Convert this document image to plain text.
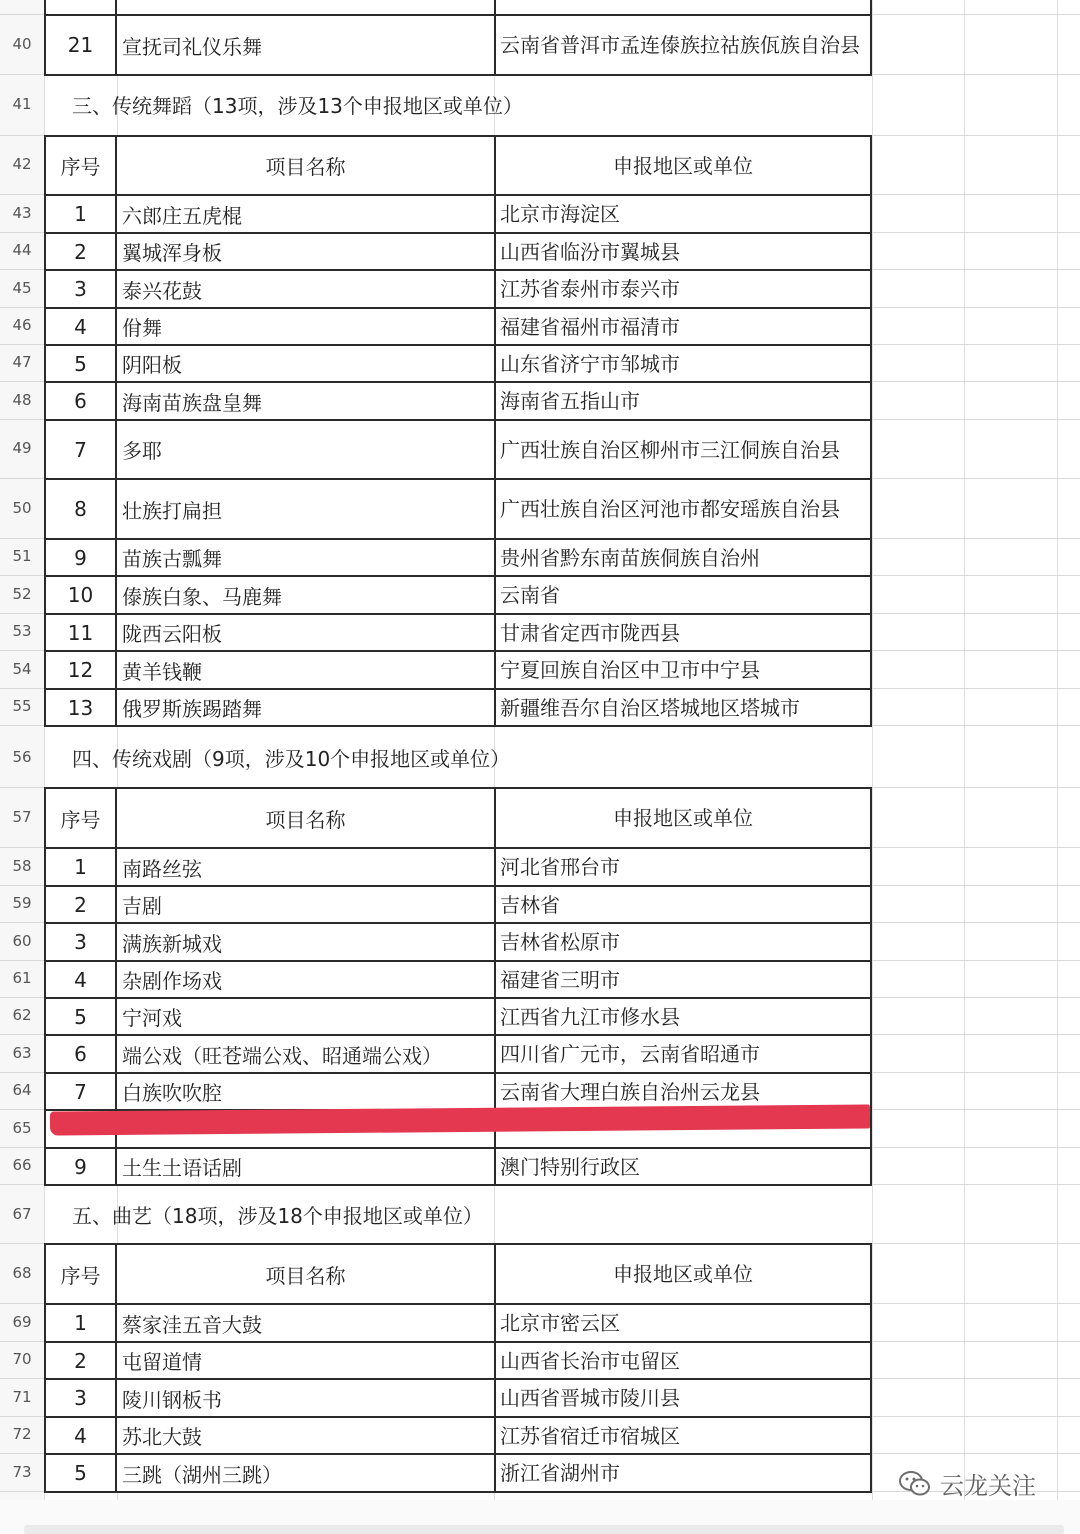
21 宣抚司礼仪乐舞	云南省普洱市孟连傣族拉祜族佤族自治县
序号	项目名称	申报地区或单位
1 六郎庄五虎棍	北京市海淀区
2 翼城浑身板	山西省临汾市翼城县
3 泰兴花鼓	江苏省泰州市泰兴市
4 佾舞	福建省福州市福清市
5 阴阳板	山东省济宁市邹城市
6 海南苗族盘皇舞	海南省五指山市
7 多耶	广西壮族自治区柳州市三江侗族自治县
8 壮族打扁担	广西壮族自治区河池市都安瑶族自治县
9 苗族古瓢舞	贵州省黔东南苗族侗族自治州
10 傣族白象、马鹿舞	云南省
11 陇西云阳板	甘肃省定西市陇西县
12 黄羊钱鞭	宁夏回族自治区中卫市中宁县
13 俄罗斯族踢踏舞	新疆维吾尔自治区塔城地区塔城市
序号	项目名称	申报地区或单位
1 南路丝弦	河北省邢台市
2 吉剧	吉林省
3 满族新城戏	吉林省松原市
4 杂剧作场戏	福建省三明市
5 宁河戏	江西省九江市修水县
6 端公戏（旺苍端公戏、昭通端公戏）	四川省广元市，云南省昭通市
7 白族吹吹腔	云南省大理白族自治州云龙县
9 土生土语话剧	澳门特别行政区
序号	项目名称	申报地区或单位
1 蔡家洼五音大鼓	北京市密云区
2 屯留道情	山西省长治市屯留区
3 陵川钢板书	山西省晋城市陵川县
4 苏北大鼓	江苏省宿迁市宿城区
5 三跳（湖州三跳）	浙江省湖州市
40
41	三、传统舞蹈（13项，涉及13个申报地区或单位）
42
43
44
45
46
47
48
49
50
51
52
53
54
55
56	四、传统戏剧（9项，涉及10个申报地区或单位）
57
58
59
60
61
62
63
64
65
66
67	五、曲艺（18项，涉及18个申报地区或单位）
68
69
70
71
72
73	云龙关注
